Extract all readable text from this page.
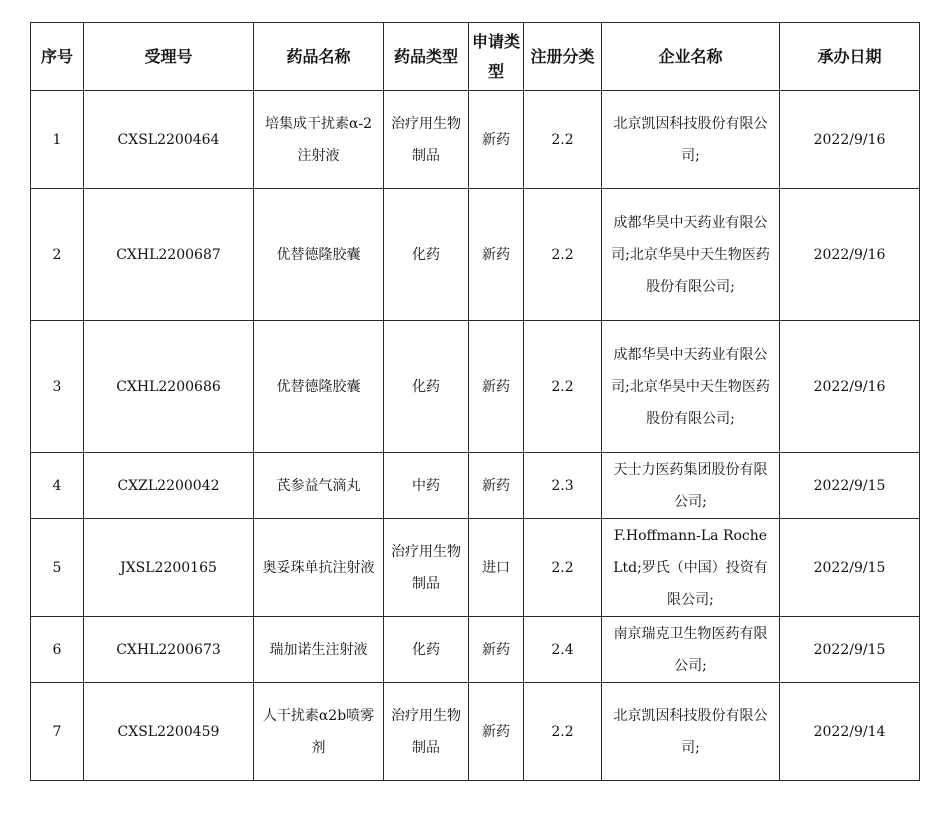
序号	受理号	药品名称	药品类型	申请类型	注册分类	企业名称	承办日期
1	CXSL2200464	培集成干扰素α-2注射液	治疗用生物制品	新药	2.2	北京凯因科技股份有限公司;	2022/9/16
2	CXHL2200687	优替德隆胶囊	化药	新药	2.2	成都华昊中天药业有限公司;北京华昊中天生物医药股份有限公司;	2022/9/16
3	CXHL2200686	优替德隆胶囊	化药	新药	2.2	成都华昊中天药业有限公司;北京华昊中天生物医药股份有限公司;	2022/9/16
4	CXZL2200042	芪参益气滴丸	中药	新药	2.3	天士力医药集团股份有限公司;	2022/9/15
5	JXSL2200165	奥妥珠单抗注射液	治疗用生物制品	进口	2.2	F.Hoffmann-La Roche Ltd;罗氏（中国）投资有限公司;	2022/9/15
6	CXHL2200673	瑞加诺生注射液	化药	新药	2.4	南京瑞克卫生物医药有限公司;	2022/9/15
7	CXSL2200459	人干扰素α2b喷雾剂	治疗用生物制品	新药	2.2	北京凯因科技股份有限公司;	2022/9/14
